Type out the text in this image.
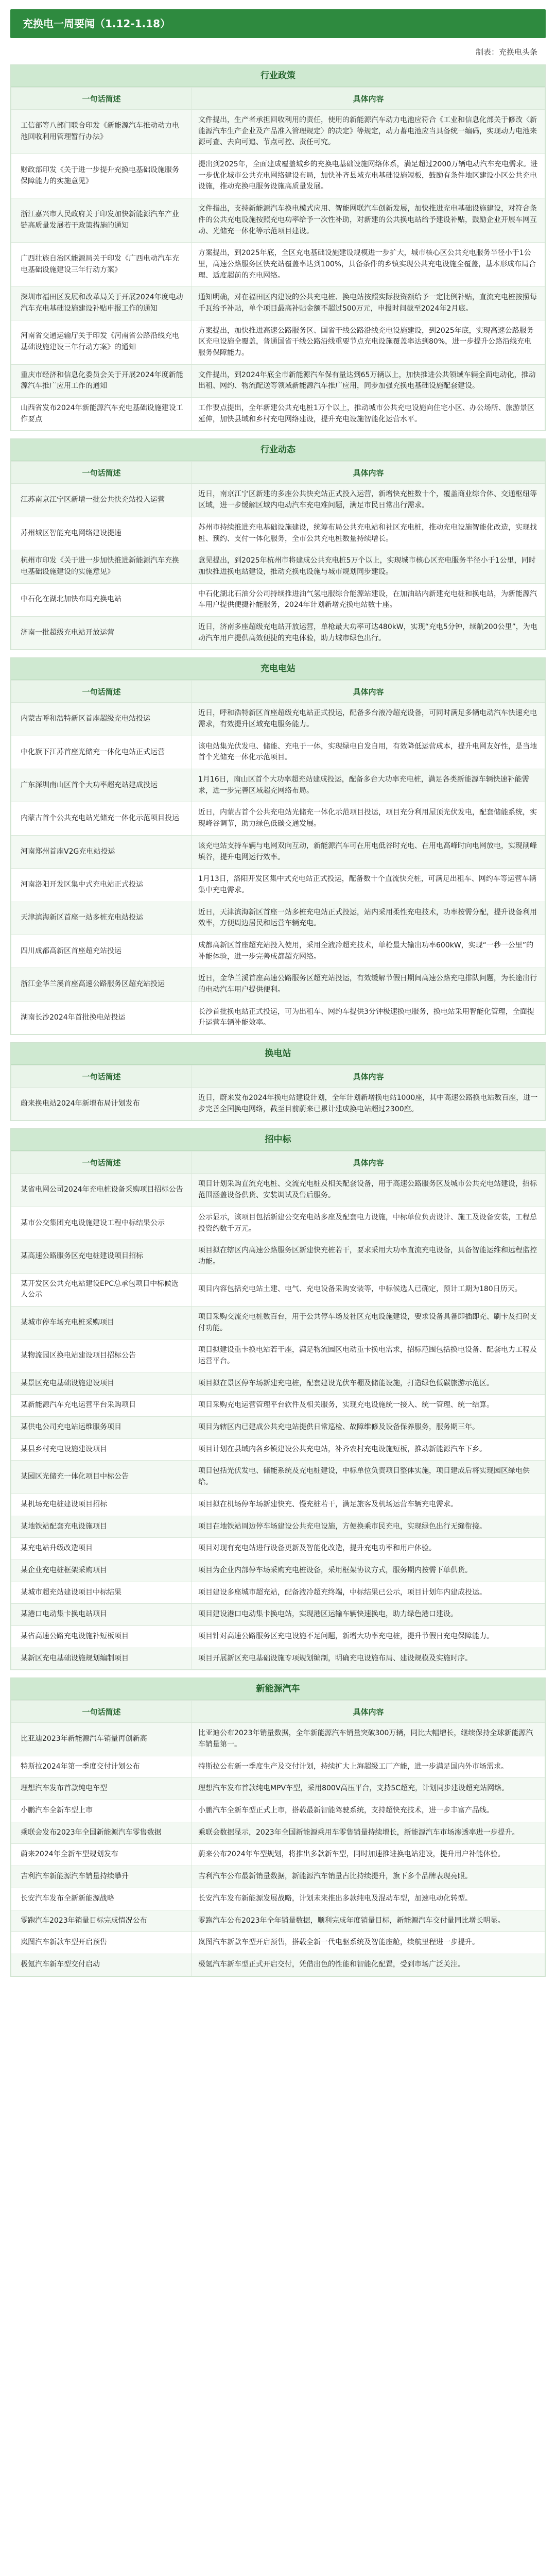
充换电一周要闻（1.12-1.18）
制表：充换电头条
行业政策
一句话简述	具体内容
工信部等八部门联合印发《新能源汽车推动动力电池回收利用管理暂行办法》	文件提出，生产者承担回收利用的责任，使用的新能源汽车动力电池应符合《工业和信息化部关于修改〈新能源汽车生产企业及产品准入管理规定〉的决定》等规定，动力蓄电池应当具备统一编码，实现动力电池来源可查、去向可追、节点可控、责任可究。
财政部印发《关于进一步提升充换电基础设施服务保障能力的实施意见》	提出到2025年，全面建成覆盖城乡的充换电基础设施网络体系，满足超过2000万辆电动汽车充电需求。进一步优化城市公共充电网络建设布局，加快补齐县域充电基础设施短板，鼓励有条件地区建设小区公共充电设施，推动充换电服务设施高质量发展。
浙江嘉兴市人民政府关于印发加快新能源汽车产业链高质量发展若干政策措施的通知	文件指出，支持新能源汽车换电模式应用、智能网联汽车创新发展，加快推进充电基础设施建设，对符合条件的公共充电设施按照充电功率给予一次性补助，对新建的公共换电站给予建设补贴，鼓励企业开展车网互动、光储充一体化等示范项目建设。
广西壮族自治区能源局关于印发《广西电动汽车充电基础设施建设三年行动方案》	方案提出，到2025年底，全区充电基础设施建设规模进一步扩大，城市核心区公共充电服务半径小于1公里，高速公路服务区快充站覆盖率达到100%，具备条件的乡镇实现公共充电设施全覆盖，基本形成布局合理、适度超前的充电网络。
深圳市福田区发展和改革局关于开展2024年度电动汽车充电基础设施建设补贴申报工作的通知	通知明确，对在福田区内建设的公共充电桩、换电站按照实际投资额给予一定比例补贴，直流充电桩按照每千瓦给予补贴，单个项目最高补贴金额不超过500万元，申报时间截至2024年2月底。
河南省交通运输厅关于印发《河南省公路沿线充电基础设施建设三年行动方案》的通知	方案提出，加快推进高速公路服务区、国省干线公路沿线充电设施建设，到2025年底，实现高速公路服务区充电设施全覆盖，普通国省干线公路沿线重要节点充电设施覆盖率达到80%，进一步提升公路沿线充电服务保障能力。
重庆市经济和信息化委员会关于开展2024年度新能源汽车推广应用工作的通知	文件提出，到2024年底全市新能源汽车保有量达到65万辆以上，加快推进公共领域车辆全面电动化，推动出租、网约、物流配送等领域新能源汽车推广应用，同步加强充换电基础设施配套建设。
山西省发布2024年新能源汽车充电基础设施建设工作要点	工作要点提出，全年新建公共充电桩1万个以上，推动城市公共充电设施向住宅小区、办公场所、旅游景区延伸，加快县域和乡村充电网络建设，提升充电设施智能化运营水平。
行业动态
一句话简述	具体内容
江苏南京江宁区新增一批公共快充站投入运营	近日，南京江宁区新建的多座公共快充站正式投入运营，新增快充桩数十个，覆盖商业综合体、交通枢纽等区域，进一步缓解区域内电动汽车充电难问题，满足市民日常出行需求。
苏州城区智能充电网络建设提速	苏州市持续推进充电基础设施建设，统筹布局公共充电站和社区充电桩，推动充电设施智能化改造，实现找桩、预约、支付一体化服务，全市公共充电桩数量持续增长。
杭州市印发《关于进一步加快推进新能源汽车充换电基础设施建设的实施意见》	意见提出，到2025年杭州市将建成公共充电桩5万个以上，实现城市核心区充电服务半径小于1公里，同时加快推进换电站建设，推动充换电设施与城市规划同步建设。
中石化在湖北加快布局充换电站	中石化湖北石油分公司持续推进油气氢电服综合能源站建设，在加油站内新建充电桩和换电站，为新能源汽车用户提供便捷补能服务，2024年计划新增充换电站数十座。
济南一批超级充电站开放运营	近日，济南多座超级充电站开放运营，单枪最大功率可达480kW，实现“充电5分钟，续航200公里”，为电动汽车用户提供高效便捷的充电体验，助力城市绿色出行。
充电电站
一句话简述	具体内容
内蒙古呼和浩特新区首座超级充电站投运	近日，呼和浩特新区首座超级充电站正式投运，配备多台液冷超充设备，可同时满足多辆电动汽车快速充电需求，有效提升区域充电服务能力。
中化旗下江苏首座光储充一体化电站正式运营	该电站集光伏发电、储能、充电于一体，实现绿电自发自用，有效降低运营成本，提升电网友好性，是当地首个光储充一体化示范项目。
广东深圳南山区首个大功率超充站建成投运	1月16日，南山区首个大功率超充站建成投运，配备多台大功率充电桩，满足各类新能源车辆快速补能需求，进一步完善区域超充网络布局。
内蒙古首个公共充电站光储充一体化示范项目投运	近日，内蒙古首个公共充电站光储充一体化示范项目投运，项目充分利用屋顶光伏发电，配套储能系统，实现峰谷调节，助力绿色低碳交通发展。
河南郑州首座V2G充电站投运	该充电站支持车辆与电网双向互动，新能源汽车可在用电低谷时充电、在用电高峰时向电网放电，实现削峰填谷，提升电网运行效率。
河南洛阳开发区集中式充电站正式投运	1月13日，洛阳开发区集中式充电站正式投运，配备数十个直流快充桩，可满足出租车、网约车等运营车辆集中充电需求。
天津滨海新区首座一站多桩充电站投运	近日，天津滨海新区首座一站多桩充电站正式投运，站内采用柔性充电技术，功率按需分配，提升设备利用效率，方便周边居民和运营车辆充电。
四川成都高新区首座超充站投运	成都高新区首座超充站投入使用，采用全液冷超充技术，单枪最大输出功率600kW，实现“一秒一公里”的补能体验，进一步完善成都超充网络。
浙江金华兰溪首座高速公路服务区超充站投运	近日，金华兰溪首座高速公路服务区超充站投运，有效缓解节假日期间高速公路充电排队问题，为长途出行的电动汽车用户提供便利。
湖南长沙2024年首批换电站投运	长沙首批换电站正式投运，可为出租车、网约车提供3分钟极速换电服务，换电站采用智能化管理，全面提升运营车辆补能效率。
换电站
一句话简述	具体内容
蔚来换电站2024年新增布局计划发布	近日，蔚来发布2024年换电站建设计划，全年计划新增换电站1000座，其中高速公路换电站数百座，进一步完善全国换电网络，截至目前蔚来已累计建成换电站超过2300座。
招中标
一句话简述	具体内容
某省电网公司2024年充电桩设备采购项目招标公告	项目计划采购直流充电桩、交流充电桩及相关配套设备，用于高速公路服务区及城市公共充电站建设，招标范围涵盖设备供货、安装调试及售后服务。
某市公交集团充电设施建设工程中标结果公示	公示显示，该项目包括新建公交充电站多座及配套电力设施，中标单位负责设计、施工及设备安装，工程总投资约数千万元。
某高速公路服务区充电桩建设项目招标	项目拟在辖区内高速公路服务区新建快充桩若干，要求采用大功率直流充电设备，具备智能运维和远程监控功能。
某开发区公共充电站建设EPC总承包项目中标候选人公示	项目内容包括充电站土建、电气、充电设备采购安装等，中标候选人已确定，预计工期为180日历天。
某城市停车场充电桩采购项目	项目采购交流充电桩数百台，用于公共停车场及社区充电设施建设，要求设备具备即插即充、刷卡及扫码支付功能。
某物流园区换电站建设项目招标公告	项目拟建设重卡换电站若干座，满足物流园区电动重卡换电需求，招标范围包括换电设备、配套电力工程及运营平台。
某景区充电基础设施建设项目	项目拟在景区停车场新建充电桩，配套建设光伏车棚及储能设施，打造绿色低碳旅游示范区。
某新能源汽车充电运营平台采购项目	项目采购充电运营管理平台软件及相关服务，实现充电设施统一接入、统一管理、统一结算。
某供电公司充电站运维服务项目	项目为辖区内已建成公共充电站提供日常巡检、故障维修及设备保养服务，服务期三年。
某县乡村充电设施建设项目	项目计划在县域内各乡镇建设公共充电站，补齐农村充电设施短板，推动新能源汽车下乡。
某园区光储充一体化项目中标公告	项目包括光伏发电、储能系统及充电桩建设，中标单位负责项目整体实施，项目建成后将实现园区绿电供给。
某机场充电桩建设项目招标	项目拟在机场停车场新建快充、慢充桩若干，满足旅客及机场运营车辆充电需求。
某地铁站配套充电设施项目	项目在地铁站周边停车场建设公共充电设施，方便换乘市民充电，实现绿色出行无缝衔接。
某充电站升级改造项目	项目对现有充电站进行设备更新及智能化改造，提升充电功率和用户体验。
某企业充电桩框架采购项目	项目为企业内部停车场采购充电桩设备，采用框架协议方式，服务期内按需下单供货。
某城市超充站建设项目中标结果	项目建设多座城市超充站，配备液冷超充终端，中标结果已公示，项目计划年内建成投运。
某港口电动集卡换电站项目	项目建设港口电动集卡换电站，实现港区运输车辆快速换电，助力绿色港口建设。
某省高速公路充电设施补短板项目	项目针对高速公路服务区充电设施不足问题，新增大功率充电桩，提升节假日充电保障能力。
某新区充电基础设施规划编制项目	项目开展新区充电基础设施专项规划编制，明确充电设施布局、建设规模及实施时序。
新能源汽车
一句话简述	具体内容
比亚迪2023年新能源汽车销量再创新高	比亚迪公布2023年销量数据，全年新能源汽车销量突破300万辆，同比大幅增长，继续保持全球新能源汽车销量第一。
特斯拉2024年第一季度交付计划公布	特斯拉公布新一季度生产及交付计划，持续扩大上海超级工厂产能，进一步满足国内外市场需求。
理想汽车发布首款纯电车型	理想汽车发布首款纯电MPV车型，采用800V高压平台，支持5C超充，计划同步建设超充站网络。
小鹏汽车全新车型上市	小鹏汽车全新车型正式上市，搭载最新智能驾驶系统，支持超快充技术，进一步丰富产品线。
乘联会发布2023年全国新能源汽车零售数据	乘联会数据显示，2023年全国新能源乘用车零售销量持续增长，新能源汽车市场渗透率进一步提升。
蔚来2024年全新车型规划发布	蔚来公布2024年车型规划，将推出多款新车型，同时加速推进换电站建设，提升用户补能体验。
吉利汽车新能源汽车销量持续攀升	吉利汽车公布最新销量数据，新能源汽车销量占比持续提升，旗下多个品牌表现亮眼。
长安汽车发布全新新能源战略	长安汽车发布新能源发展战略，计划未来推出多款纯电及混动车型，加速电动化转型。
零跑汽车2023年销量目标完成情况公布	零跑汽车公布2023年全年销量数据，顺利完成年度销量目标，新能源汽车交付量同比增长明显。
岚图汽车新款车型开启预售	岚图汽车新款车型开启预售，搭载全新一代电驱系统及智能座舱，续航里程进一步提升。
极氪汽车新车型交付启动	极氪汽车新车型正式开启交付，凭借出色的性能和智能化配置，受到市场广泛关注。
